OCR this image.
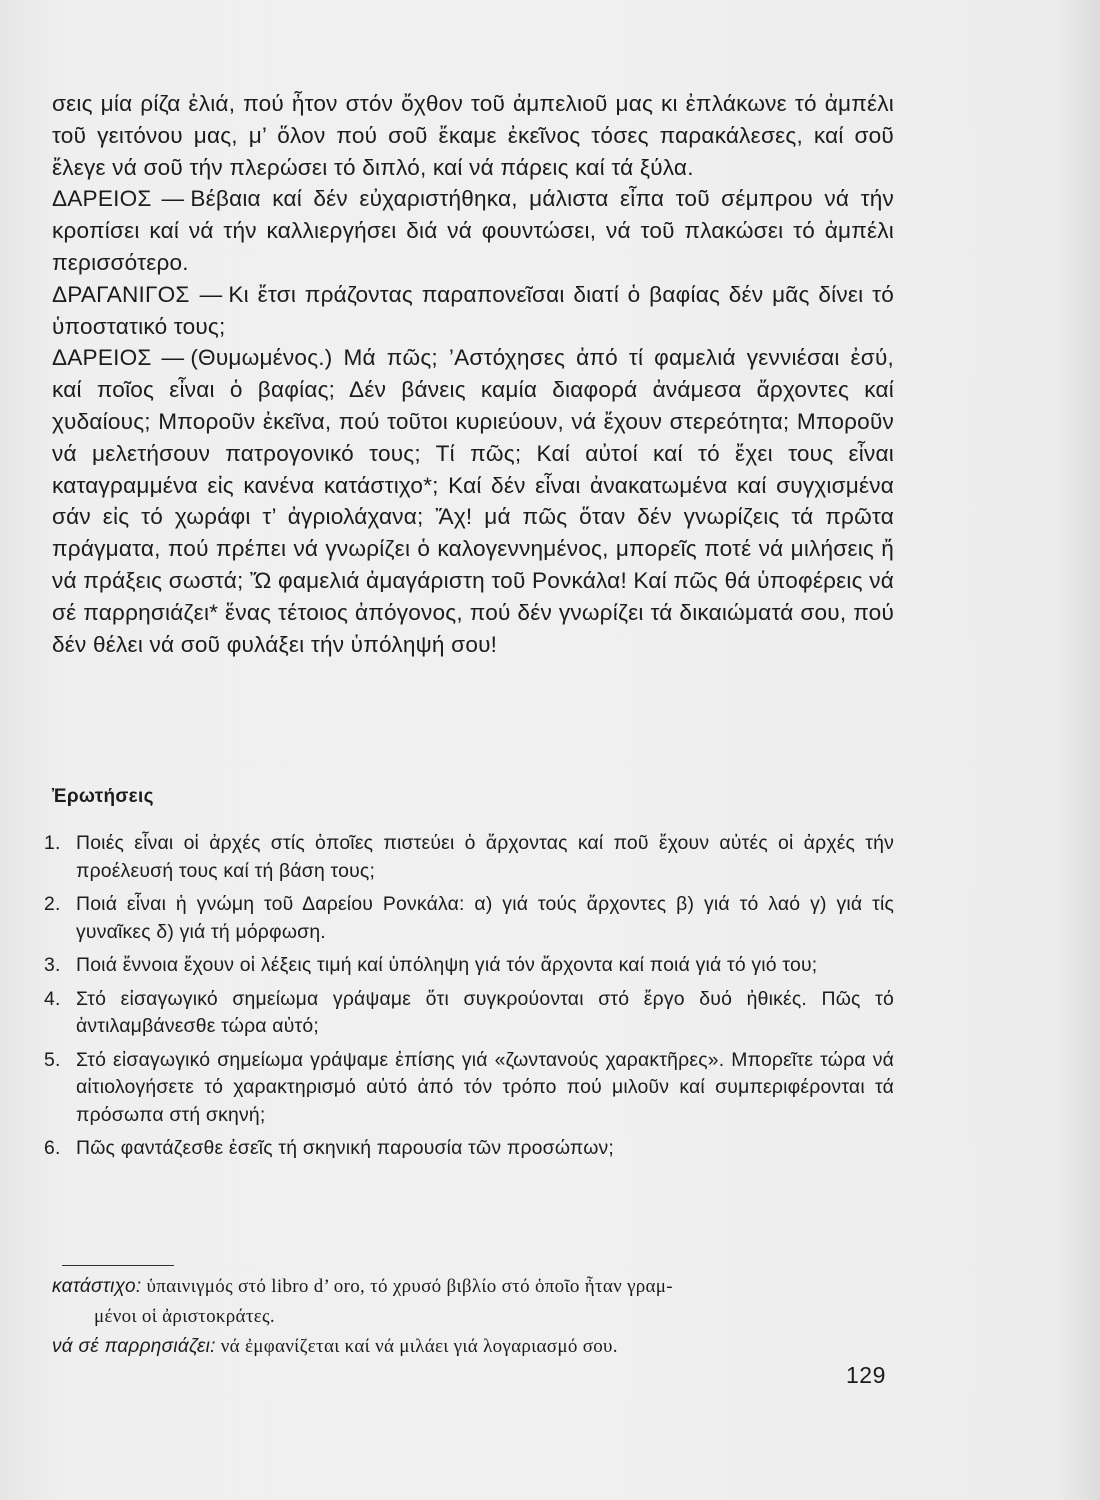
σεις μία ρίζα ἐλιά, πού ἦτον στόν ὄχθον τοῦ ἀμπελιοῦ μας κι ἐπλάκωνε τό ἀμπέλι τοῦ γειτόνου μας, μ’ ὅλον πού σοῦ ἔκαμε ἐκεῖνος τόσες παρακάλεσες, καί σοῦ ἔλεγε νά σοῦ τήν πλερώσει τό διπλό, καί νά πάρεις καί τά ξύλα.

ΔΑΡΕΙΟΣ — Βέβαια καί δέν εὐχαριστήθηκα, μάλιστα εἶπα τοῦ σέμπρου νά τήν κροπίσει καί νά τήν καλλιεργήσει διά νά φουντώσει, νά τοῦ πλακώσει τό ἀμπέλι περισσότερο.

ΔΡΑΓΑΝΙΓΟΣ — Κι ἔτσι πράζοντας παραπονεῖσαι διατί ὁ βαφίας δέν μᾶς δίνει τό ὑποστατικό τους;

ΔΑΡΕΙΟΣ — (Θυμωμένος.) Μά πῶς; ’Αστόχησες ἀπό τί φαμελιά γεννιέσαι ἐσύ, καί ποῖος εἶναι ὁ βαφίας; Δέν βάνεις καμία διαφορά ἀνάμεσα ἄρχοντες καί χυδαίους; Μποροῦν ἐκεῖνα, πού τοῦτοι κυριεύουν, νά ἔχουν στερεότητα; Μποροῦν νά μελετήσουν πατρογονικό τους; Τί πῶς; Καί αὐτοί καί τό ἔχει τους εἶναι καταγραμμένα εἰς κανένα κατάστιχο*; Καί δέν εἶναι ἀνακατωμένα καί συγχισμένα σάν εἰς τό χωράφι τ’ ἀγριολάχανα; Ἄχ! μά πῶς ὅταν δέν γνωρίζεις τά πρῶτα πράγματα, πού πρέπει νά γνωρίζει ὁ καλογεννημένος, μπορεῖς ποτέ νά μιλήσεις ἤ νά πράξεις σωστά; Ὤ φαμελιά ἀμαγάριστη τοῦ Ρονκάλα! Καί πῶς θά ὑποφέρεις νά σέ παρρησιάζει* ἕνας τέτοιος ἀπόγονος, πού δέν γνωρίζει τά δικαιώματά σου, πού δέν θέλει νά σοῦ φυλάξει τήν ὑπόληψή σου!

Ἐρωτήσεις
1. Ποιές εἶναι οἱ ἀρχές στίς ὁποῖες πιστεύει ὁ ἄρχοντας καί ποῦ ἔχουν αὐτές οἱ ἀρχές τήν προέλευσή τους καί τή βάση τους;
2. Ποιά εἶναι ἡ γνώμη τοῦ Δαρείου Ρονκάλα: α) γιά τούς ἄρχοντες β) γιά τό λαό γ) γιά τίς γυναῖκες δ) γιά τή μόρφωση.
3. Ποιά ἔννοια ἔχουν οἱ λέξεις τιμή καί ὑπόληψη γιά τόν ἄρχοντα καί ποιά γιά τό γιό του;
4. Στό εἰσαγωγικό σημείωμα γράψαμε ὅτι συγκρούονται στό ἔργο δυό ἠθικές. Πῶς τό ἀντιλαμβάνεσθε τώρα αὐτό;
5. Στό εἰσαγωγικό σημείωμα γράψαμε ἐπίσης γιά «ζωντανούς χαρακτῆρες». Μπορεῖτε τώρα νά αἰτιολογήσετε τό χαρακτηρισμό αὐτό ἀπό τόν τρόπο πού μιλοῦν καί συμπεριφέρονται τά πρόσωπα στή σκηνή;
6. Πῶς φαντάζεσθε ἐσεῖς τή σκηνική παρουσία τῶν προσώπων;

κατάστιχο: ὑπαινιγμός στό libro d’ oro, τό χρυσό βιβλίο στό ὁποῖο ἦταν γραμ-
μένοι οἱ ἀριστοκράτες.

νά σέ παρρησιάζει: νά ἐμφανίζεται καί νά μιλάει γιά λογαριασμό σου.

129
